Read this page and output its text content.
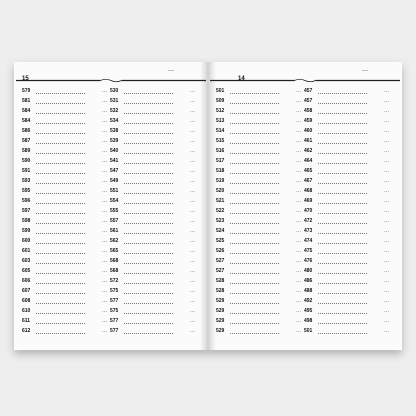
15
…
579	…
581	…
584	…
584	…
586	…
587	…
589	…
590	…
591	…
593	…
595	…
596	…
597	…
598	…
599	…
600	…
601	…
603	…
605	…
606	…
607	…
608	…
610	…
611	…
612	…
530	…
531	…
532	…
534	…
538	…
539	…
540	…
541	…
547	…
549	…
551	…
554	…
555	…
557	…
561	…
562	…
565	…
568	…
568	…
572	…
575	…
577	…
575	…
577	…
577	…
14
…
501	…
509	…
512	…
513	…
514	…
515	…
516	…
517	…
518	…
519	…
520	…
521	…
522	…
523	…
524	…
525	…
526	…
527	…
527	…
528	…
528	…
529	…
529	…
529	…
529	…
457	…
457	…
458	…
459	…
460	…
461	…
462	…
464	…
465	…
467	…
468	…
469	…
470	…
472	…
473	…
474	…
475	…
476	…
480	…
486	…
488	…
492	…
495	…
498	…
501	…
